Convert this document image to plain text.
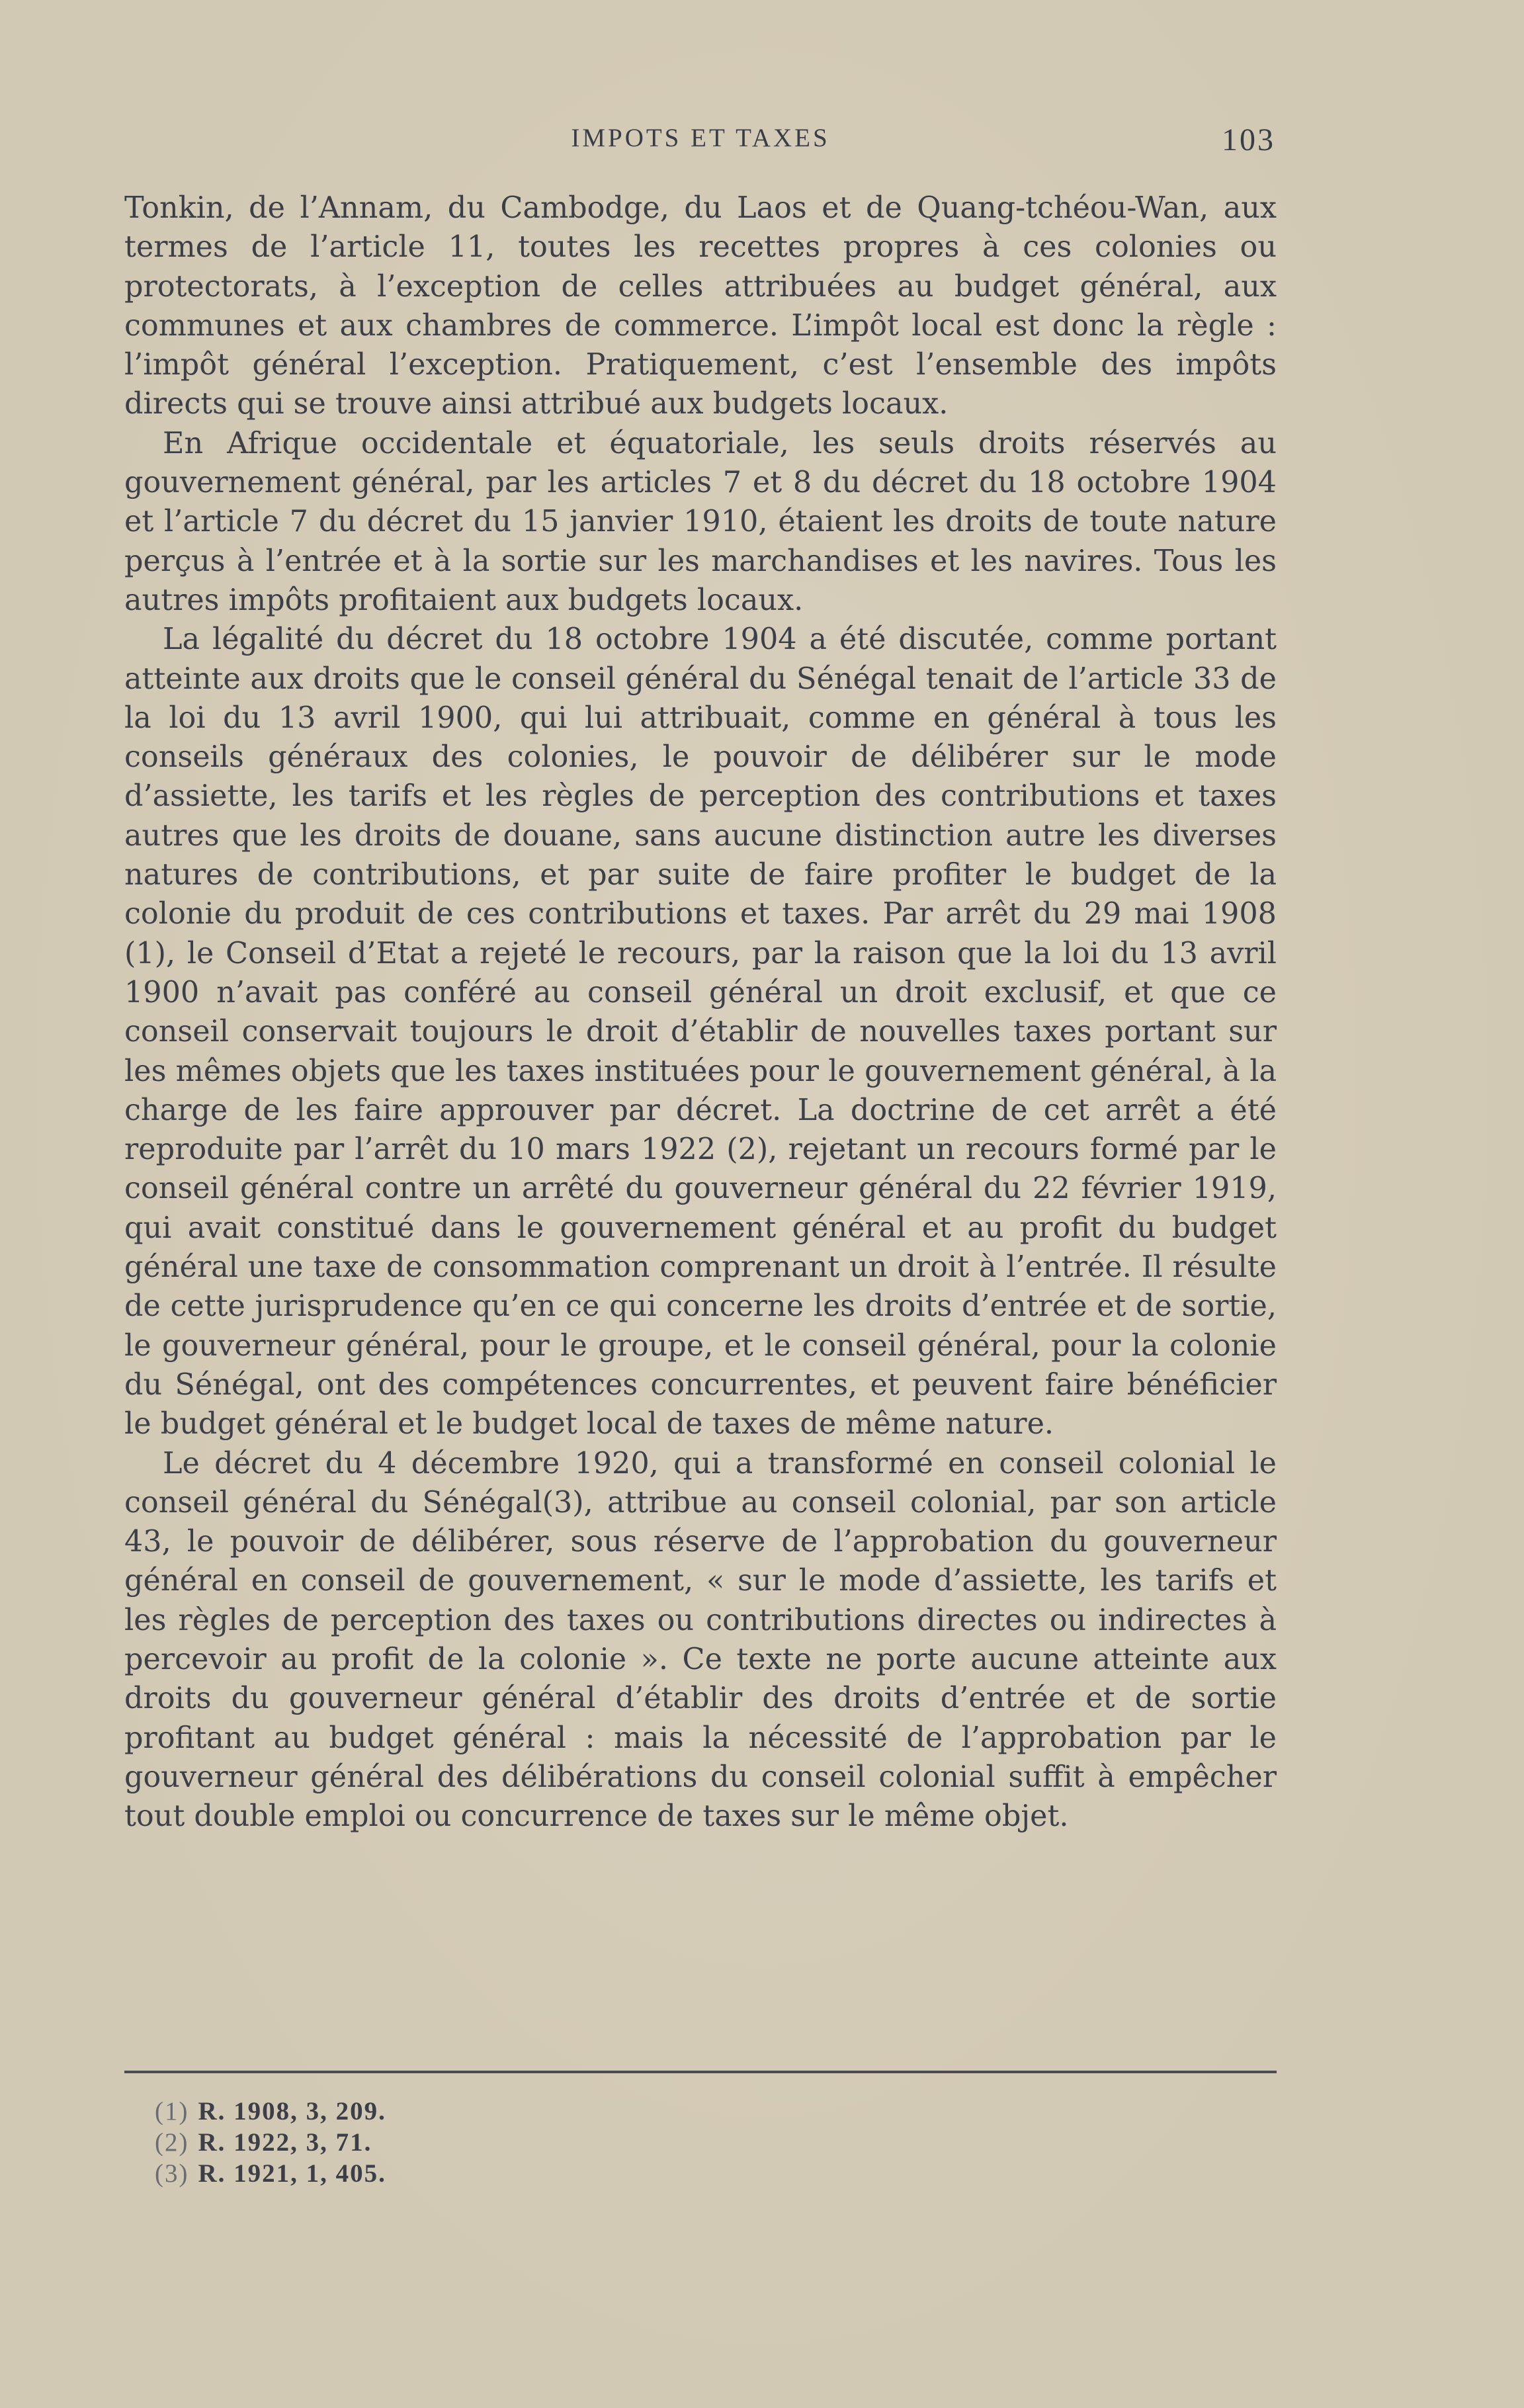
IMPOTS ET TAXES	103

Tonkin, de l’Annam, du Cambodge, du Laos et de Quang-tchéou-Wan, aux termes de l’article 11, toutes les recettes propres à ces colonies ou protectorats, à l’exception de celles attribuées au budget général, aux communes et aux chambres de commerce. L’impôt local est donc la règle : l’impôt général l’exception. Pratiquement, c’est l’ensemble des impôts directs qui se trouve ainsi attribué aux budgets locaux.

En Afrique occidentale et équatoriale, les seuls droits réservés au gouvernement général, par les articles 7 et 8 du décret du 18 octobre 1904 et l’article 7 du décret du 15 janvier 1910, étaient les droits de toute nature perçus à l’entrée et à la sortie sur les marchandises et les navires. Tous les autres impôts profitaient aux budgets locaux.

La légalité du décret du 18 octobre 1904 a été discutée, comme portant atteinte aux droits que le conseil général du Sénégal tenait de l’article 33 de la loi du 13 avril 1900, qui lui attribuait, comme en général à tous les conseils généraux des colonies, le pouvoir de délibérer sur le mode d’assiette, les tarifs et les règles de perception des contributions et taxes autres que les droits de douane, sans aucune distinction autre les diverses natures de contributions, et par suite de faire profiter le budget de la colonie du produit de ces contributions et taxes. Par arrêt du 29 mai 1908 (1), le Conseil d’Etat a rejeté le recours, par la raison que la loi du 13 avril 1900 n’avait pas conféré au conseil général un droit exclusif, et que ce conseil conservait toujours le droit d’établir de nouvelles taxes portant sur les mêmes objets que les taxes instituées pour le gouvernement général, à la charge de les faire approuver par décret. La doctrine de cet arrêt a été reproduite par l’arrêt du 10 mars 1922 (2), rejetant un recours formé par le conseil général contre un arrêté du gouverneur général du 22 février 1919, qui avait constitué dans le gouvernement général et au profit du budget général une taxe de consommation comprenant un droit à l’entrée. Il résulte de cette jurisprudence qu’en ce qui concerne les droits d’entrée et de sortie, le gouverneur général, pour le groupe, et le conseil général, pour la colonie du Sénégal, ont des compétences concurrentes, et peuvent faire bénéficier le budget général et le budget local de taxes de même nature.

Le décret du 4 décembre 1920, qui a transformé en conseil colonial le conseil général du Sénégal(3), attribue au conseil colonial, par son article 43, le pouvoir de délibérer, sous réserve de l’approbation du gouverneur général en conseil de gouvernement, « sur le mode d’assiette, les tarifs et les règles de perception des taxes ou contributions directes ou indirectes à percevoir au profit de la colonie ». Ce texte ne porte aucune atteinte aux droits du gouverneur général d’établir des droits d’entrée et de sortie profitant au budget général : mais la nécessité de l’approbation par le gouverneur général des délibérations du conseil colonial suffit à empêcher tout double emploi ou concurrence de taxes sur le même objet.

(1) R. 1908, 3, 209.
(2) R. 1922, 3, 71.
(3) R. 1921, 1, 405.
